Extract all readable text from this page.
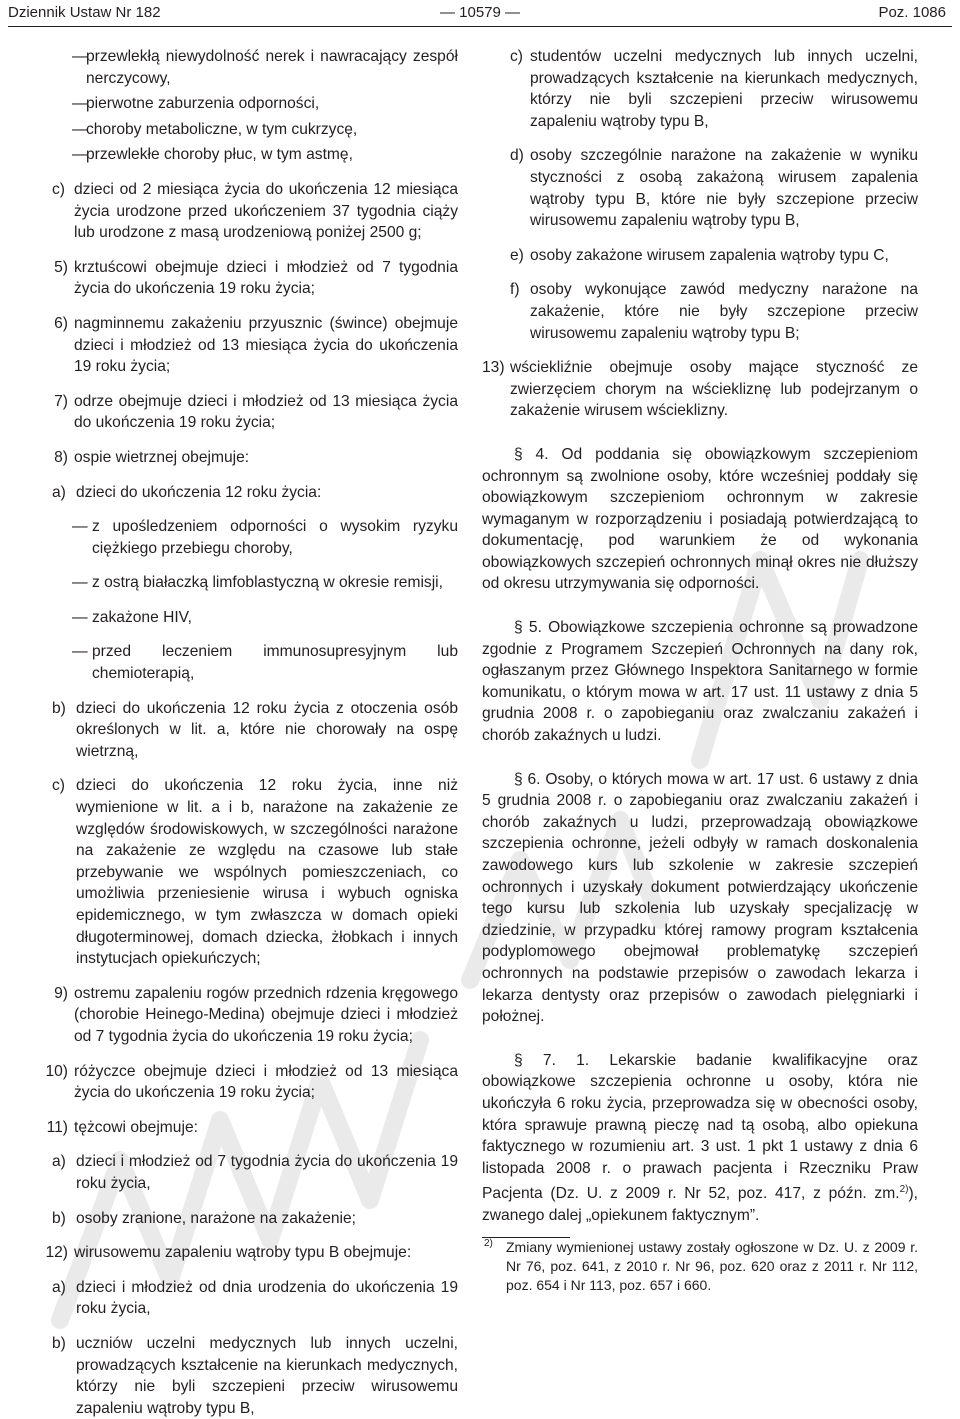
Dziennik Ustaw Nr 182	— 10579 —	Poz. 1086
—
przewlekłą niewydolność nerek i nawracający zespół nerczycowy,
—
pierwotne zaburzenia odporności,
—
choroby metaboliczne, w tym cukrzycę,
—
przewlekłe choroby płuc, w tym astmę,
c) dzieci od 2 miesiąca życia do ukończenia 12 miesiąca życia urodzone przed ukończeniem 37 tygodnia ciąży lub urodzone z masą urodzeniową poniżej 2500 g;
5) krztuścowi obejmuje dzieci i młodzież od 7 tygodnia życia do ukończenia 19 roku życia;
6) nagminnemu zakażeniu przyusznic (śwince) obejmuje dzieci i młodzież od 13 miesiąca życia do ukończenia 19 roku życia;
7) odrze obejmuje dzieci i młodzież od 13 miesiąca życia do ukończenia 19 roku życia;
8) ospie wietrznej obejmuje:
a) dzieci do ukończenia 12 roku życia:
— z upośledzeniem odporności o wysokim ryzyku ciężkiego przebiegu choroby,
— z ostrą białaczką limfoblastyczną w okresie remisji,
— zakażone HIV,
— przed leczeniem immunosupresyjnym lub chemioterapią,
b) dzieci do ukończenia 12 roku życia z otoczenia osób określonych w lit. a, które nie chorowały na ospę wietrzną,
c) dzieci do ukończenia 12 roku życia, inne niż wymienione w lit. a i b, narażone na zakażenie ze względów środowiskowych, w szczególności narażone na zakażenie ze względu na czasowe lub stałe przebywanie we wspólnych pomieszczeniach, co umożliwia przeniesienie wirusa i wybuch ogniska epidemicznego, w tym zwłaszcza w domach opieki długoterminowej, domach dziecka, żłobkach i innych instytucjach opiekuńczych;
9) ostremu zapaleniu rogów przednich rdzenia kręgowego (chorobie Heinego-Medina) obejmuje dzieci i młodzież od 7 tygodnia życia do ukończenia 19 roku życia;
10) różyczce obejmuje dzieci i młodzież od 13 miesiąca życia do ukończenia 19 roku życia;
11) tężcowi obejmuje:
a) dzieci i młodzież od 7 tygodnia życia do ukończenia 19 roku życia,
b) osoby zranione, narażone na zakażenie;
12) wirusowemu zapaleniu wątroby typu B obejmuje:
a) dzieci i młodzież od dnia urodzenia do ukończenia 19 roku życia,
b) uczniów uczelni medycznych lub innych uczelni, prowadzących kształcenie na kierunkach medycznych, którzy nie byli szczepieni przeciw wirusowemu zapaleniu wątroby typu B,
c) studentów uczelni medycznych lub innych uczelni, prowadzących kształcenie na kierunkach medycznych, którzy nie byli szczepieni przeciw wirusowemu zapaleniu wątroby typu B,
d) osoby szczególnie narażone na zakażenie w wyniku styczności z osobą zakażoną wirusem zapalenia wątroby typu B, które nie były szczepione przeciw wirusowemu zapaleniu wątroby typu B,
e) osoby zakażone wirusem zapalenia wątroby typu C,
f) osoby wykonujące zawód medyczny narażone na zakażenie, które nie były szczepione przeciw wirusowemu zapaleniu wątroby typu B;
13) wściekliźnie obejmuje osoby mające styczność ze zwierzęciem chorym na wściekliznę lub podejrzanym o zakażenie wirusem wścieklizny.

§ 4. Od poddania się obowiązkowym szczepieniom ochronnym są zwolnione osoby, które wcześniej poddały się obowiązkowym szczepieniom ochronnym w zakresie wymaganym w rozporządzeniu i posiadają potwierdzającą to dokumentację, pod warunkiem że od wykonania obowiązkowych szczepień ochronnych minął okres nie dłuższy od okresu utrzymywania się odporności.

§ 5. Obowiązkowe szczepienia ochronne są prowadzone zgodnie z Programem Szczepień Ochronnych na dany rok, ogłaszanym przez Głównego Inspektora Sanitarnego w formie komunikatu, o którym mowa w art. 17 ust. 11 ustawy z dnia 5 grudnia 2008 r. o zapobieganiu oraz zwalczaniu zakażeń i chorób zakaźnych u ludzi.

§ 6. Osoby, o których mowa w art. 17 ust. 6 ustawy z dnia 5 grudnia 2008 r. o zapobieganiu oraz zwalczaniu zakażeń i chorób zakaźnych u ludzi, przeprowadzają obowiązkowe szczepienia ochronne, jeżeli odbyły w ramach doskonalenia zawodowego kurs lub szkolenie w zakresie szczepień ochronnych i uzyskały dokument potwierdzający ukończenie tego kursu lub szkolenia lub uzyskały specjalizację w dziedzinie, w przypadku której ramowy program kształcenia podyplomowego obejmował problematykę szczepień ochronnych na podstawie przepisów o zawodach lekarza i lekarza dentysty oraz przepisów o zawodach pielęgniarki i położnej.

§ 7. 1. Lekarskie badanie kwalifikacyjne oraz obowiązkowe szczepienia ochronne u osoby, która nie ukończyła 6 roku życia, przeprowadza się w obecności osoby, która sprawuje prawną pieczę nad tą osobą, albo opiekuna faktycznego w rozumieniu art. 3 ust. 1 pkt 1 ustawy z dnia 6 listopada 2008 r. o prawach pacjenta i Rzeczniku Praw Pacjenta (Dz. U. z 2009 r. Nr 52, poz. 417, z późn. zm.$^{2)}$), zwanego dalej „opiekunem faktycznym”.

2) Zmiany wymienionej ustawy zostały ogłoszone w Dz. U. z 2009 r. Nr 76, poz. 641, z 2010 r. Nr 96, poz. 620 oraz z 2011 r. Nr 112, poz. 654 i Nr 113, poz. 657 i 660.
